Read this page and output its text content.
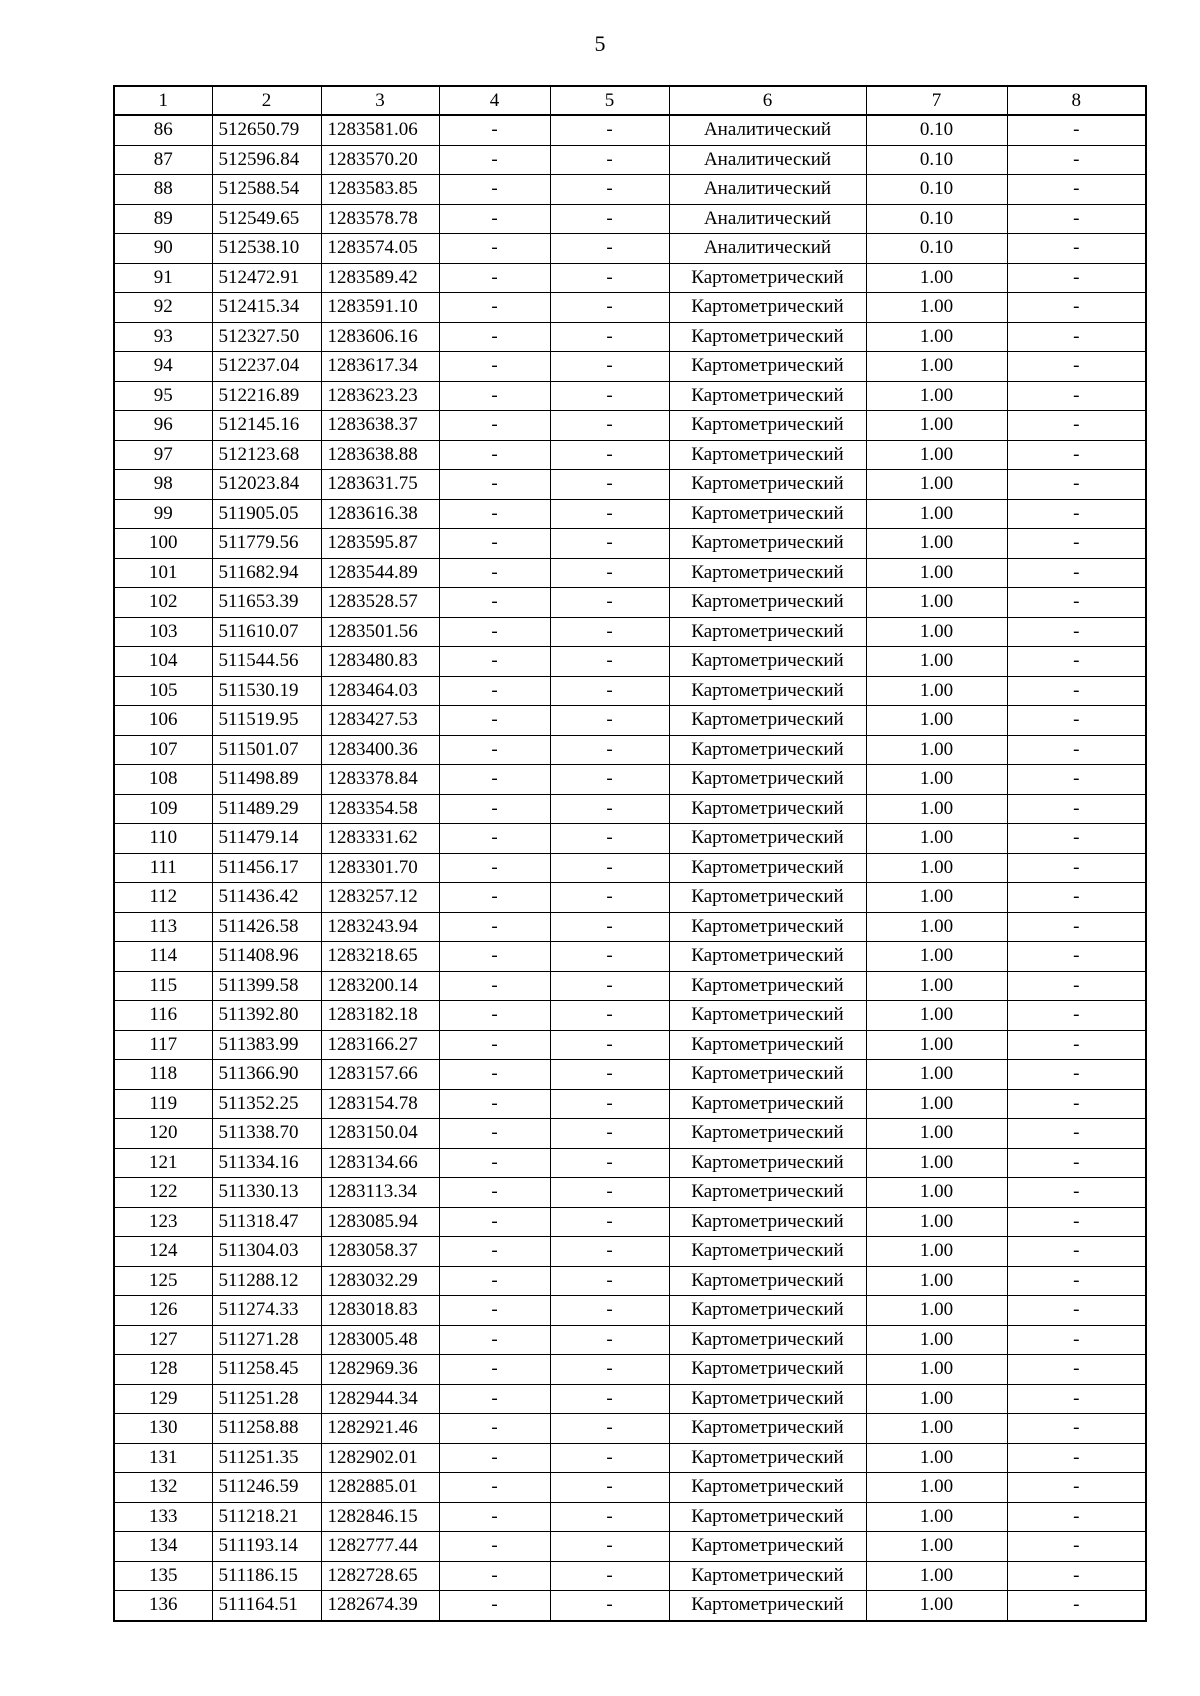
5
1	2	3	4	5	6	7	8
86	512650.79	1283581.06	-	-	Аналитический	0.10	-
87	512596.84	1283570.20	-	-	Аналитический	0.10	-
88	512588.54	1283583.85	-	-	Аналитический	0.10	-
89	512549.65	1283578.78	-	-	Аналитический	0.10	-
90	512538.10	1283574.05	-	-	Аналитический	0.10	-
91	512472.91	1283589.42	-	-	Картометрический	1.00	-
92	512415.34	1283591.10	-	-	Картометрический	1.00	-
93	512327.50	1283606.16	-	-	Картометрический	1.00	-
94	512237.04	1283617.34	-	-	Картометрический	1.00	-
95	512216.89	1283623.23	-	-	Картометрический	1.00	-
96	512145.16	1283638.37	-	-	Картометрический	1.00	-
97	512123.68	1283638.88	-	-	Картометрический	1.00	-
98	512023.84	1283631.75	-	-	Картометрический	1.00	-
99	511905.05	1283616.38	-	-	Картометрический	1.00	-
100	511779.56	1283595.87	-	-	Картометрический	1.00	-
101	511682.94	1283544.89	-	-	Картометрический	1.00	-
102	511653.39	1283528.57	-	-	Картометрический	1.00	-
103	511610.07	1283501.56	-	-	Картометрический	1.00	-
104	511544.56	1283480.83	-	-	Картометрический	1.00	-
105	511530.19	1283464.03	-	-	Картометрический	1.00	-
106	511519.95	1283427.53	-	-	Картометрический	1.00	-
107	511501.07	1283400.36	-	-	Картометрический	1.00	-
108	511498.89	1283378.84	-	-	Картометрический	1.00	-
109	511489.29	1283354.58	-	-	Картометрический	1.00	-
110	511479.14	1283331.62	-	-	Картометрический	1.00	-
111	511456.17	1283301.70	-	-	Картометрический	1.00	-
112	511436.42	1283257.12	-	-	Картометрический	1.00	-
113	511426.58	1283243.94	-	-	Картометрический	1.00	-
114	511408.96	1283218.65	-	-	Картометрический	1.00	-
115	511399.58	1283200.14	-	-	Картометрический	1.00	-
116	511392.80	1283182.18	-	-	Картометрический	1.00	-
117	511383.99	1283166.27	-	-	Картометрический	1.00	-
118	511366.90	1283157.66	-	-	Картометрический	1.00	-
119	511352.25	1283154.78	-	-	Картометрический	1.00	-
120	511338.70	1283150.04	-	-	Картометрический	1.00	-
121	511334.16	1283134.66	-	-	Картометрический	1.00	-
122	511330.13	1283113.34	-	-	Картометрический	1.00	-
123	511318.47	1283085.94	-	-	Картометрический	1.00	-
124	511304.03	1283058.37	-	-	Картометрический	1.00	-
125	511288.12	1283032.29	-	-	Картометрический	1.00	-
126	511274.33	1283018.83	-	-	Картометрический	1.00	-
127	511271.28	1283005.48	-	-	Картометрический	1.00	-
128	511258.45	1282969.36	-	-	Картометрический	1.00	-
129	511251.28	1282944.34	-	-	Картометрический	1.00	-
130	511258.88	1282921.46	-	-	Картометрический	1.00	-
131	511251.35	1282902.01	-	-	Картометрический	1.00	-
132	511246.59	1282885.01	-	-	Картометрический	1.00	-
133	511218.21	1282846.15	-	-	Картометрический	1.00	-
134	511193.14	1282777.44	-	-	Картометрический	1.00	-
135	511186.15	1282728.65	-	-	Картометрический	1.00	-
136	511164.51	1282674.39	-	-	Картометрический	1.00	-
